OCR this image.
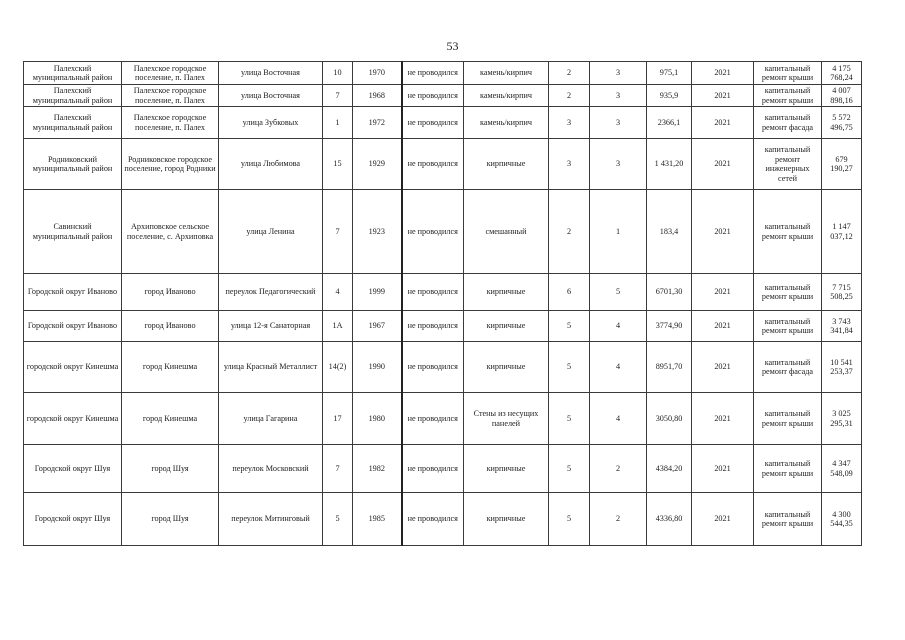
53
Палехский муниципальный район	Палехское городское поселение, п. Палех	улица Восточная	10	1970	не проводился	камень/кирпич	2	3	975,1	2021	капитальный ремонт крыши	4 175 768,24
Палехский муниципальный район	Палехское городское поселение, п. Палех	улица Восточная	7	1968	не проводился	камень/кирпич	2	3	935,9	2021	капитальный ремонт крыши	4 007 898,16
Палехский муниципальный район	Палехское городское поселение, п. Палех	улица Зубковых	1	1972	не проводился	камень/кирпич	3	3	2366,1	2021	капитальный ремонт фасада	5 572 496,75
Родниковский муниципальный район	Родниковское городское поселение, город Родники	улица Любимова	15	1929	не проводился	кирпичные	3	3	1 431,20	2021	капитальный ремонт инженерных сетей	679 190,27
Савинский муниципальный район	Архиповское сельское поселение, с. Архиповка	улица Ленина	7	1923	не проводился	смешанный	2	1	183,4	2021	капитальный ремонт крыши	1 147 037,12
Городской округ Иваново	город Иваново	переулок Педагогический	4	1999	не проводился	кирпичные	6	5	6701,30	2021	капитальный ремонт крыши	7 715 508,25
Городской округ Иваново	город Иваново	улица 12-я Санаторная	1А	1967	не проводился	кирпичные	5	4	3774,90	2021	капитальный ремонт крыши	3 743 341,84
городской округ Кинешма	город Кинешма	улица Красный Металлист	14(2)	1990	не проводился	кирпичные	5	4	8951,70	2021	капитальный ремонт фасада	10 541 253,37
городской округ Кинешма	город Кинешма	улица Гагарина	17	1980	не проводился	Стены из несущих панелей	5	4	3050,80	2021	капитальный ремонт крыши	3 025 295,31
Городской округ Шуя	город Шуя	переулок Московский	7	1982	не проводился	кирпичные	5	2	4384,20	2021	капитальный ремонт крыши	4 347 548,09
Городской округ Шуя	город Шуя	переулок Митинговый	5	1985	не проводился	кирпичные	5	2	4336,80	2021	капитальный ремонт крыши	4 300 544,35
